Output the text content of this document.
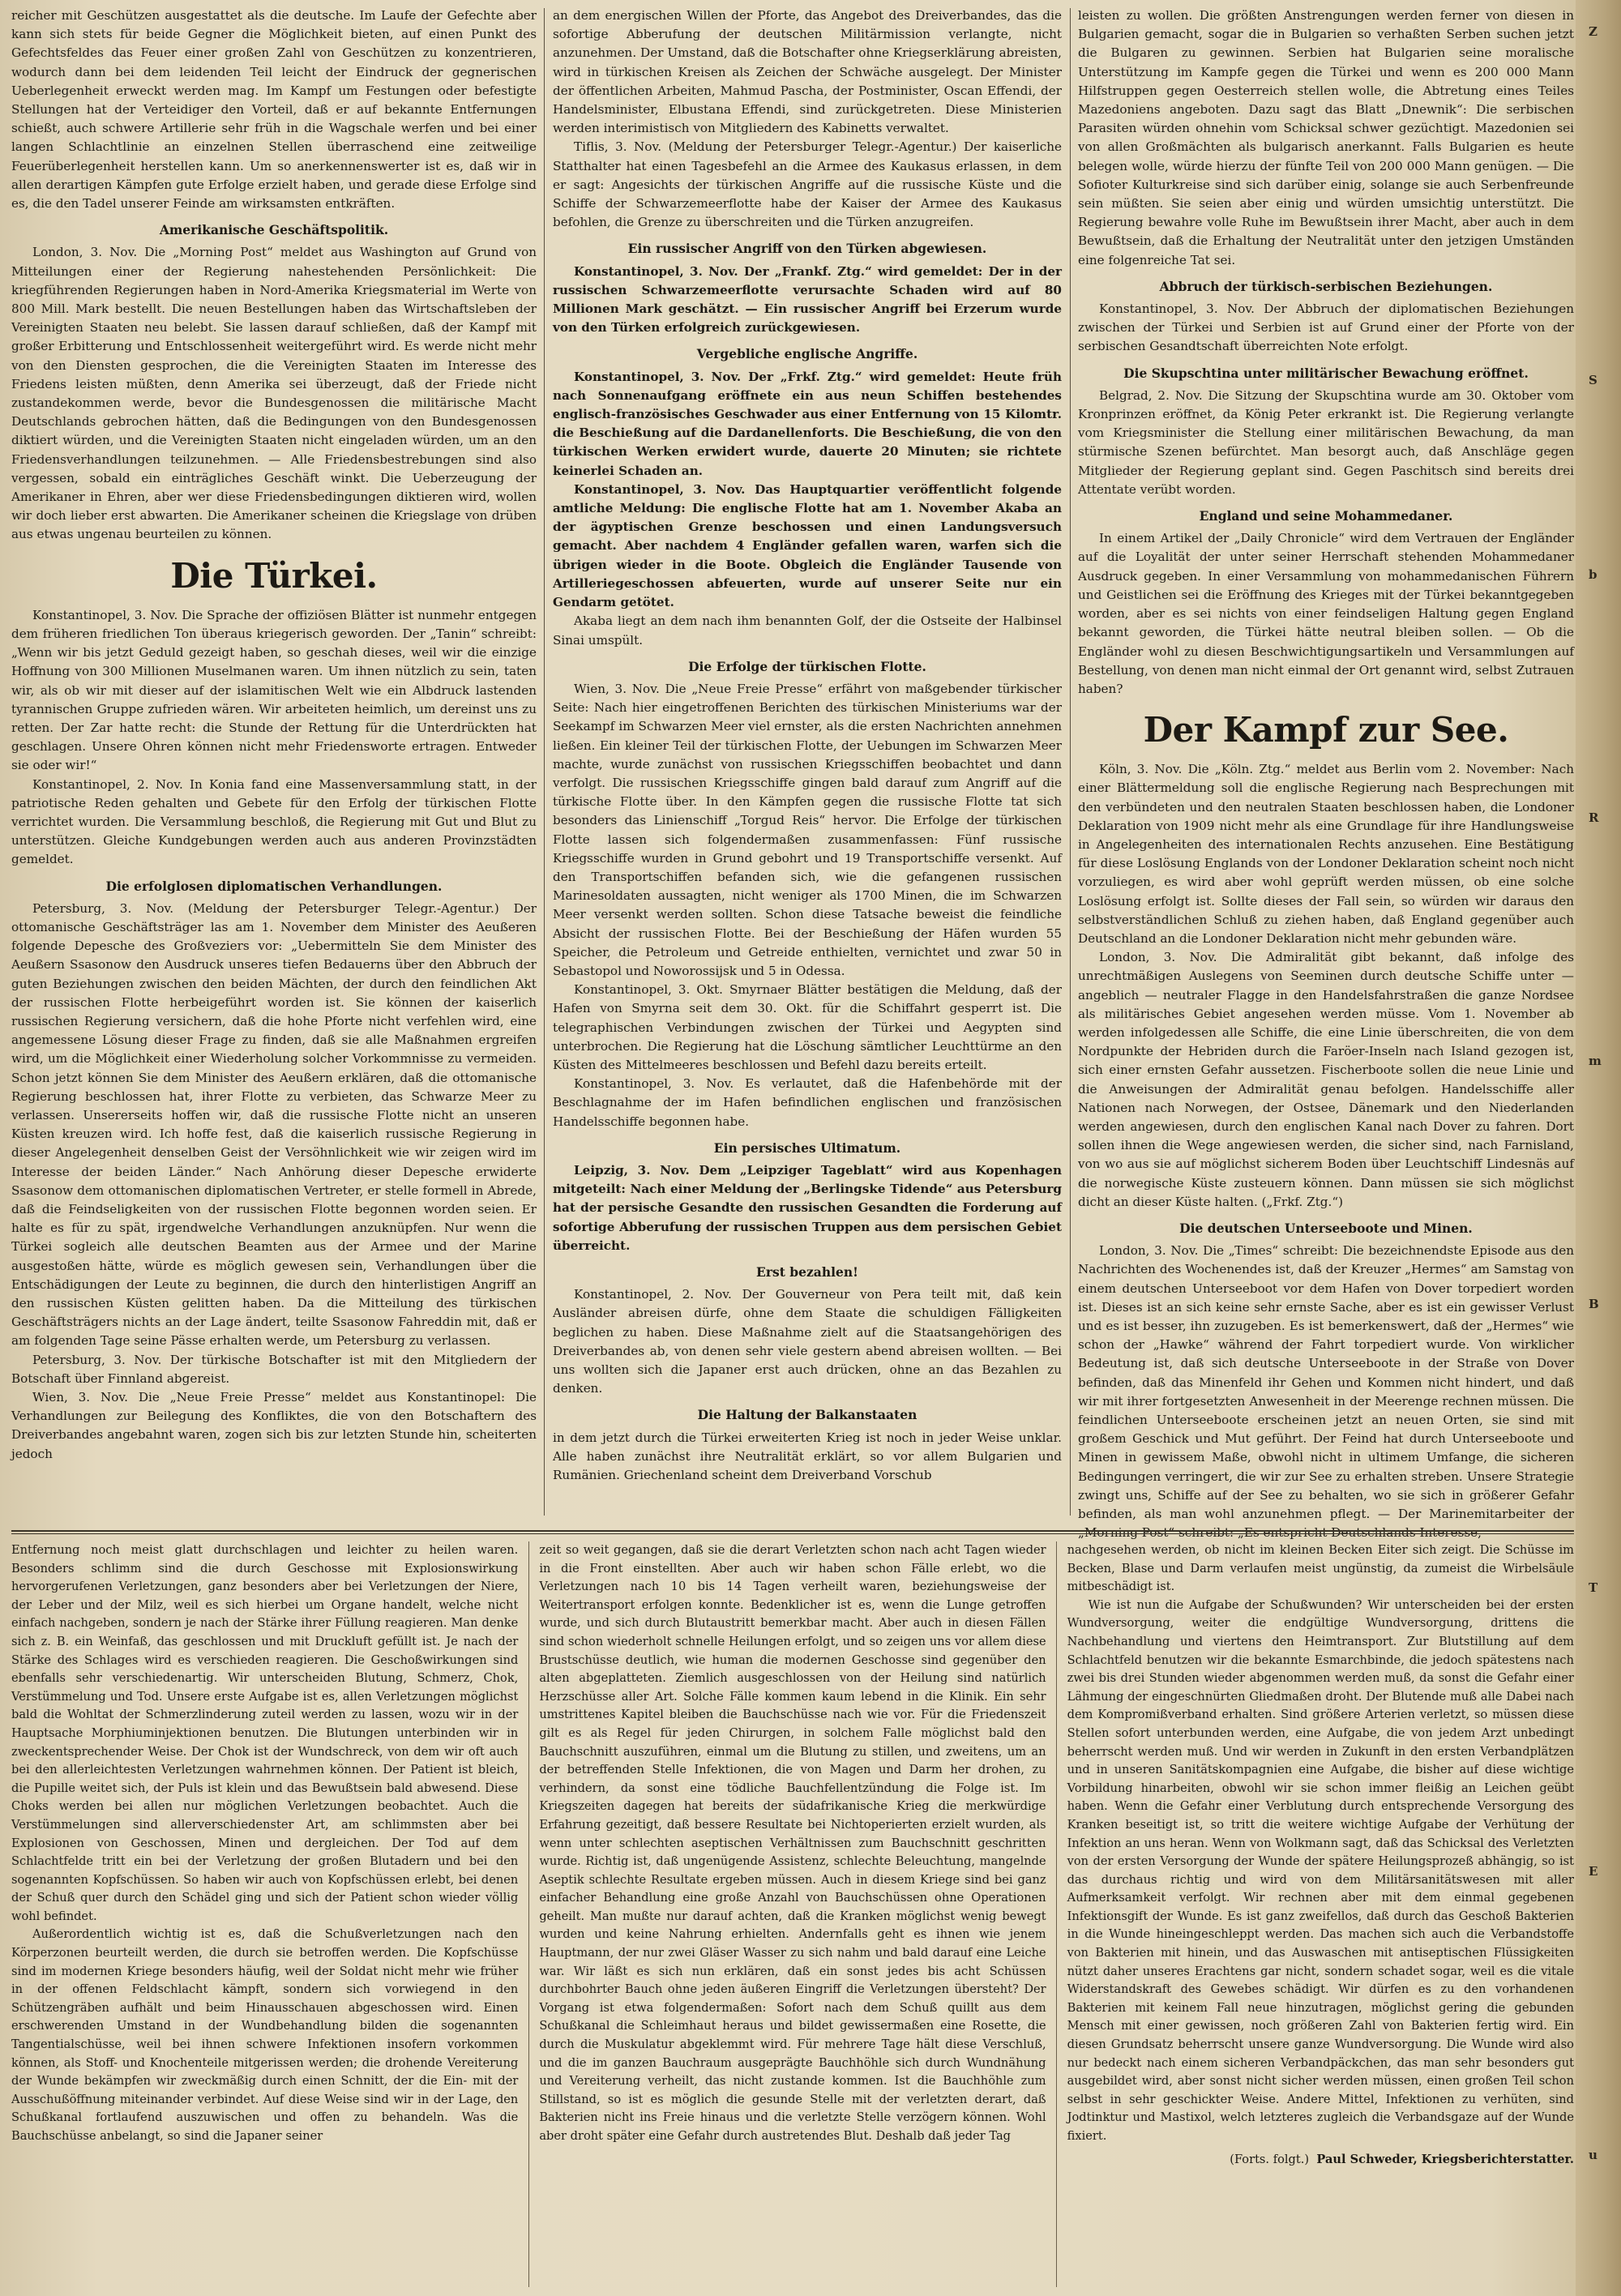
reicher mit Geschützen ausgestattet als die deutsche. Im Laufe der Gefechte aber kann sich stets für beide Gegner die Möglichkeit bieten, auf einen Punkt des Gefechtsfeldes das Feuer einer großen Zahl von Geschützen zu konzentrieren, wodurch dann bei dem leidenden Teil leicht der Eindruck der gegnerischen Ueberlegenheit erweckt werden mag. Im Kampf um Festungen oder befestigte Stellungen hat der Verteidiger den Vorteil, daß er auf bekannte Entfernungen schießt, auch schwere Artillerie sehr früh in die Wagschale werfen und bei einer langen Schlachtlinie an einzelnen Stellen überraschend eine zeitweilige Feuerüberlegenheit herstellen kann. Um so anerkennenswerter ist es, daß wir in allen derartigen Kämpfen gute Erfolge erzielt haben, und gerade diese Erfolge sind es, die den Tadel unserer Feinde am wirksamsten entkräften.

Amerikanische Geschäftspolitik.

London, 3. Nov. Die „Morning Post“ meldet aus Washington auf Grund von Mitteilungen einer der Regierung nahestehenden Persönlichkeit: Die kriegführenden Regierungen haben in Nord-Amerika Kriegsmaterial im Werte von 800 Mill. Mark bestellt. Die neuen Bestellungen haben das Wirtschaftsleben der Vereinigten Staaten neu belebt. Sie lassen darauf schließen, daß der Kampf mit großer Erbitterung und Entschlossenheit weitergeführt wird. Es werde nicht mehr von den Diensten gesprochen, die die Vereinigten Staaten im Interesse des Friedens leisten müßten, denn Amerika sei überzeugt, daß der Friede nicht zustandekommen werde, bevor die Bundesgenossen die militärische Macht Deutschlands gebrochen hätten, daß die Bedingungen von den Bundesgenossen diktiert würden, und die Vereinigten Staaten nicht eingeladen würden, um an den Friedensverhandlungen teilzunehmen. — Alle Friedensbestrebungen sind also vergessen, sobald ein einträgliches Geschäft winkt. Die Ueberzeugung der Amerikaner in Ehren, aber wer diese Friedensbedingungen diktieren wird, wollen wir doch lieber erst abwarten. Die Amerikaner scheinen die Kriegslage von drüben aus etwas ungenau beurteilen zu können.

Die Türkei.

Konstantinopel, 3. Nov. Die Sprache der offiziösen Blätter ist nunmehr entgegen dem früheren friedlichen Ton überaus kriegerisch geworden. Der „Tanin“ schreibt: „Wenn wir bis jetzt Geduld gezeigt haben, so geschah dieses, weil wir die einzige Hoffnung von 300 Millionen Muselmanen waren. Um ihnen nützlich zu sein, taten wir, als ob wir mit dieser auf der islamitischen Welt wie ein Albdruck lastenden tyrannischen Gruppe zufrieden wären. Wir arbeiteten heimlich, um dereinst uns zu retten. Der Zar hatte recht: die Stunde der Rettung für die Unterdrückten hat geschlagen. Unsere Ohren können nicht mehr Friedensworte ertragen. Entweder sie oder wir!“

Konstantinopel, 2. Nov. In Konia fand eine Massenversammlung statt, in der patriotische Reden gehalten und Gebete für den Erfolg der türkischen Flotte verrichtet wurden. Die Versammlung beschloß, die Regierung mit Gut und Blut zu unterstützen. Gleiche Kundgebungen werden auch aus anderen Provinzstädten gemeldet.

Die erfolglosen diplomatischen Verhandlungen.

Petersburg, 3. Nov. (Meldung der Petersburger Telegr.-Agentur.) Der ottomanische Geschäftsträger las am 1. November dem Minister des Aeußeren folgende Depesche des Großveziers vor: „Uebermitteln Sie dem Minister des Aeußern Ssasonow den Ausdruck unseres tiefen Bedauerns über den Abbruch der guten Beziehungen zwischen den beiden Mächten, der durch den feindlichen Akt der russischen Flotte herbeigeführt worden ist. Sie können der kaiserlich russischen Regierung versichern, daß die hohe Pforte nicht verfehlen wird, eine angemessene Lösung dieser Frage zu finden, daß sie alle Maßnahmen ergreifen wird, um die Möglichkeit einer Wiederholung solcher Vorkommnisse zu vermeiden. Schon jetzt können Sie dem Minister des Aeußern erklären, daß die ottomanische Regierung beschlossen hat, ihrer Flotte zu verbieten, das Schwarze Meer zu verlassen. Unsererseits hoffen wir, daß die russische Flotte nicht an unseren Küsten kreuzen wird. Ich hoffe fest, daß die kaiserlich russische Regierung in dieser Angelegenheit denselben Geist der Versöhnlichkeit wie wir zeigen wird im Interesse der beiden Länder.“ Nach Anhörung dieser Depesche erwiderte Ssasonow dem ottomanischen diplomatischen Vertreter, er stelle formell in Abrede, daß die Feindseligkeiten von der russischen Flotte begonnen worden seien. Er halte es für zu spät, irgendwelche Verhandlungen anzuknüpfen. Nur wenn die Türkei sogleich alle deutschen Beamten aus der Armee und der Marine ausgestoßen hätte, würde es möglich gewesen sein, Verhandlungen über die Entschädigungen der Leute zu beginnen, die durch den hinterlistigen Angriff an den russischen Küsten gelitten haben. Da die Mitteilung des türkischen Geschäftsträgers nichts an der Lage ändert, teilte Ssasonow Fahreddin mit, daß er am folgenden Tage seine Pässe erhalten werde, um Petersburg zu verlassen.

Petersburg, 3. Nov. Der türkische Botschafter ist mit den Mitgliedern der Botschaft über Finnland abgereist.

Wien, 3. Nov. Die „Neue Freie Presse“ meldet aus Konstantinopel: Die Verhandlungen zur Beilegung des Konfliktes, die von den Botschaftern des Dreiverbandes angebahnt waren, zogen sich bis zur letzten Stunde hin, scheiterten jedoch

an dem energischen Willen der Pforte, das Angebot des Dreiverbandes, das die sofortige Abberufung der deutschen Militärmission verlangte, nicht anzunehmen. Der Umstand, daß die Botschafter ohne Kriegserklärung abreisten, wird in türkischen Kreisen als Zeichen der Schwäche ausgelegt. Der Minister der öffentlichen Arbeiten, Mahmud Pascha, der Postminister, Oscan Effendi, der Handelsminister, Elbustana Effendi, sind zurückgetreten. Diese Ministerien werden interimistisch von Mitgliedern des Kabinetts verwaltet.

Tiflis, 3. Nov. (Meldung der Petersburger Telegr.-Agentur.) Der kaiserliche Statthalter hat einen Tagesbefehl an die Armee des Kaukasus erlassen, in dem er sagt: Angesichts der türkischen Angriffe auf die russische Küste und die Schiffe der Schwarzemeerflotte habe der Kaiser der Armee des Kaukasus befohlen, die Grenze zu überschreiten und die Türken anzugreifen.

Ein russischer Angriff von den Türken abgewiesen.

Konstantinopel, 3. Nov. Der „Frankf. Ztg.“ wird gemeldet: Der in der russischen Schwarzemeerflotte verursachte Schaden wird auf 80 Millionen Mark geschätzt. — Ein russischer Angriff bei Erzerum wurde von den Türken erfolgreich zurückgewiesen.

Vergebliche englische Angriffe.

Konstantinopel, 3. Nov. Der „Frkf. Ztg.“ wird gemeldet: Heute früh nach Sonnenaufgang eröffnete ein aus neun Schiffen bestehendes englisch-französisches Geschwader aus einer Entfernung von 15 Kilomtr. die Beschießung auf die Dardanellenforts. Die Beschießung, die von den türkischen Werken erwidert wurde, dauerte 20 Minuten; sie richtete keinerlei Schaden an.

Konstantinopel, 3. Nov. Das Hauptquartier veröffentlicht folgende amtliche Meldung: Die englische Flotte hat am 1. November Akaba an der ägyptischen Grenze beschossen und einen Landungsversuch gemacht. Aber nachdem 4 Engländer gefallen waren, warfen sich die übrigen wieder in die Boote. Obgleich die Engländer Tausende von Artilleriegeschossen abfeuerten, wurde auf unserer Seite nur ein Gendarm getötet.

Akaba liegt an dem nach ihm benannten Golf, der die Ostseite der Halbinsel Sinai umspült.

Die Erfolge der türkischen Flotte.

Wien, 3. Nov. Die „Neue Freie Presse“ erfährt von maßgebender türkischer Seite: Nach hier eingetroffenen Berichten des türkischen Ministeriums war der Seekampf im Schwarzen Meer viel ernster, als die ersten Nachrichten annehmen ließen. Ein kleiner Teil der türkischen Flotte, der Uebungen im Schwarzen Meer machte, wurde zunächst von russischen Kriegsschiffen beobachtet und dann verfolgt. Die russischen Kriegsschiffe gingen bald darauf zum Angriff auf die türkische Flotte über. In den Kämpfen gegen die russische Flotte tat sich besonders das Linienschiff „Torgud Reis“ hervor. Die Erfolge der türkischen Flotte lassen sich folgendermaßen zusammenfassen: Fünf russische Kriegsschiffe wurden in Grund gebohrt und 19 Transportschiffe versenkt. Auf den Transportschiffen befanden sich, wie die gefangenen russischen Marinesoldaten aussagten, nicht weniger als 1700 Minen, die im Schwarzen Meer versenkt werden sollten. Schon diese Tatsache beweist die feindliche Absicht der russischen Flotte. Bei der Beschießung der Häfen wurden 55 Speicher, die Petroleum und Getreide enthielten, vernichtet und zwar 50 in Sebastopol und Noworossijsk und 5 in Odessa.

Konstantinopel, 3. Okt. Smyrnaer Blätter bestätigen die Meldung, daß der Hafen von Smyrna seit dem 30. Okt. für die Schiffahrt gesperrt ist. Die telegraphischen Verbindungen zwischen der Türkei und Aegypten sind unterbrochen. Die Regierung hat die Löschung sämtlicher Leuchttürme an den Küsten des Mittelmeeres beschlossen und Befehl dazu bereits erteilt.

Konstantinopel, 3. Nov. Es verlautet, daß die Hafenbehörde mit der Beschlagnahme der im Hafen befindlichen englischen und französischen Handelsschiffe begonnen habe.

Ein persisches Ultimatum.

Leipzig, 3. Nov. Dem „Leipziger Tageblatt“ wird aus Kopenhagen mitgeteilt: Nach einer Meldung der „Berlingske Tidende“ aus Petersburg hat der persische Gesandte den russischen Gesandten die Forderung auf sofortige Abberufung der russischen Truppen aus dem persischen Gebiet überreicht.

Erst bezahlen!

Konstantinopel, 2. Nov. Der Gouverneur von Pera teilt mit, daß kein Ausländer abreisen dürfe, ohne dem Staate die schuldigen Fälligkeiten beglichen zu haben. Diese Maßnahme zielt auf die Staatsangehörigen des Dreiverbandes ab, von denen sehr viele gestern abend abreisen wollten. — Bei uns wollten sich die Japaner erst auch drücken, ohne an das Bezahlen zu denken.

Die Haltung der Balkanstaaten

in dem jetzt durch die Türkei erweiterten Krieg ist noch in jeder Weise unklar. Alle haben zunächst ihre Neutralität erklärt, so vor allem Bulgarien und Rumänien. Griechenland scheint dem Dreiverband Vorschub

leisten zu wollen. Die größten Anstrengungen werden ferner von diesen in Bulgarien gemacht, sogar die in Bulgarien so verhaßten Serben suchen jetzt die Bulgaren zu gewinnen. Serbien hat Bulgarien seine moralische Unterstützung im Kampfe gegen die Türkei und wenn es 200 000 Mann Hilfstruppen gegen Oesterreich stellen wolle, die Abtretung eines Teiles Mazedoniens angeboten. Dazu sagt das Blatt „Dnewnik“: Die serbischen Parasiten würden ohnehin vom Schicksal schwer gezüchtigt. Mazedonien sei von allen Großmächten als bulgarisch anerkannt. Falls Bulgarien es heute belegen wolle, würde hierzu der fünfte Teil von 200 000 Mann genügen. — Die Sofioter Kulturkreise sind sich darüber einig, solange sie auch Serbenfreunde sein müßten. Sie seien aber einig und würden umsichtig unterstützt. Die Regierung bewahre volle Ruhe im Bewußtsein ihrer Macht, aber auch in dem Bewußtsein, daß die Erhaltung der Neutralität unter den jetzigen Umständen eine folgenreiche Tat sei.

Abbruch der türkisch-serbischen Beziehungen.

Konstantinopel, 3. Nov. Der Abbruch der diplomatischen Beziehungen zwischen der Türkei und Serbien ist auf Grund einer der Pforte von der serbischen Gesandtschaft überreichten Note erfolgt.

Die Skupschtina unter militärischer Bewachung eröffnet.

Belgrad, 2. Nov. Die Sitzung der Skupschtina wurde am 30. Oktober vom Kronprinzen eröffnet, da König Peter erkrankt ist. Die Regierung verlangte vom Kriegsminister die Stellung einer militärischen Bewachung, da man stürmische Szenen befürchtet. Man besorgt auch, daß Anschläge gegen Mitglieder der Regierung geplant sind. Gegen Paschitsch sind bereits drei Attentate verübt worden.

England und seine Mohammedaner.

In einem Artikel der „Daily Chronicle“ wird dem Vertrauen der Engländer auf die Loyalität der unter seiner Herrschaft stehenden Mohammedaner Ausdruck gegeben. In einer Versammlung von mohammedanischen Führern und Geistlichen sei die Eröffnung des Krieges mit der Türkei bekanntgegeben worden, aber es sei nichts von einer feindseligen Haltung gegen England bekannt geworden, die Türkei hätte neutral bleiben sollen. — Ob die Engländer wohl zu diesen Beschwichtigungsartikeln und Versammlungen auf Bestellung, von denen man nicht einmal der Ort genannt wird, selbst Zutrauen haben?

Der Kampf zur See.

Köln, 3. Nov. Die „Köln. Ztg.“ meldet aus Berlin vom 2. November: Nach einer Blättermeldung soll die englische Regierung nach Besprechungen mit den verbündeten und den neutralen Staaten beschlossen haben, die Londoner Deklaration von 1909 nicht mehr als eine Grundlage für ihre Handlungsweise in Angelegenheiten des internationalen Rechts anzusehen. Eine Bestätigung für diese Loslösung Englands von der Londoner Deklaration scheint noch nicht vorzuliegen, es wird aber wohl geprüft werden müssen, ob eine solche Loslösung erfolgt ist. Sollte dieses der Fall sein, so würden wir daraus den selbstverständlichen Schluß zu ziehen haben, daß England gegenüber auch Deutschland an die Londoner Deklaration nicht mehr gebunden wäre.

London, 3. Nov. Die Admiralität gibt bekannt, daß infolge des unrechtmäßigen Auslegens von Seeminen durch deutsche Schiffe unter — angeblich — neutraler Flagge in den Handelsfahrstraßen die ganze Nordsee als militärisches Gebiet angesehen werden müsse. Vom 1. November ab werden infolgedessen alle Schiffe, die eine Linie überschreiten, die von dem Nordpunkte der Hebriden durch die Faröer-Inseln nach Island gezogen ist, sich einer ernsten Gefahr aussetzen. Fischerboote sollen die neue Linie und die Anweisungen der Admiralität genau befolgen. Handelsschiffe aller Nationen nach Norwegen, der Ostsee, Dänemark und den Niederlanden werden angewiesen, durch den englischen Kanal nach Dover zu fahren. Dort sollen ihnen die Wege angewiesen werden, die sicher sind, nach Farnisland, von wo aus sie auf möglichst sicherem Boden über Leuchtschiff Lindesnäs auf die norwegische Küste zusteuern können. Dann müssen sie sich möglichst dicht an dieser Küste halten. („Frkf. Ztg.“)

Die deutschen Unterseeboote und Minen.

London, 3. Nov. Die „Times“ schreibt: Die bezeichnendste Episode aus den Nachrichten des Wochenendes ist, daß der Kreuzer „Hermes“ am Samstag von einem deutschen Unterseeboot vor dem Hafen von Dover torpediert worden ist. Dieses ist an sich keine sehr ernste Sache, aber es ist ein gewisser Verlust und es ist besser, ihn zuzugeben. Es ist bemerkenswert, daß der „Hermes“ wie schon der „Hawke“ während der Fahrt torpediert wurde. Von wirklicher Bedeutung ist, daß sich deutsche Unterseeboote in der Straße von Dover befinden, daß das Minenfeld ihr Gehen und Kommen nicht hindert, und daß wir mit ihrer fortgesetzten Anwesenheit in der Meerenge rechnen müssen. Die feindlichen Unterseeboote erscheinen jetzt an neuen Orten, sie sind mit großem Geschick und Mut geführt. Der Feind hat durch Unterseeboote und Minen in gewissem Maße, obwohl nicht in ultimem Umfange, die sicheren Bedingungen verringert, die wir zur See zu erhalten streben. Unsere Strategie zwingt uns, Schiffe auf der See zu behalten, wo sie sich in größerer Gefahr befinden, als man wohl anzunehmen pflegt. — Der Marinemitarbeiter der

Entfernung noch meist glatt durchschlagen und leichter zu heilen waren. Besonders schlimm sind die durch Geschosse mit Explosionswirkung hervorgerufenen Verletzungen, ganz besonders aber bei Verletzungen der Niere, der Leber und der Milz, weil es sich hierbei um Organe handelt, welche nicht einfach nachgeben, sondern je nach der Stärke ihrer Füllung reagieren. Man denke sich z. B. ein Weinfaß, das geschlossen und mit Druckluft gefüllt ist. Je nach der Stärke des Schlages wird es verschieden reagieren. Die Geschoßwirkungen sind ebenfalls sehr verschiedenartig. Wir unterscheiden Blutung, Schmerz, Chok, Verstümmelung und Tod. Unsere erste Aufgabe ist es, allen Verletzungen möglichst bald die Wohltat der Schmerzlinderung zuteil werden zu lassen, wozu wir in der Hauptsache Morphiuminjektionen benutzen. Die Blutungen unterbinden wir in zweckentsprechender Weise. Der Chok ist der Wundschreck, von dem wir oft auch bei den allerleichtesten Verletzungen wahrnehmen können. Der Patient ist bleich, die Pupille weitet sich, der Puls ist klein und das Bewußtsein bald abwesend. Diese Choks werden bei allen nur möglichen Verletzungen beobachtet. Auch die Verstümmelungen sind allerverschiedenster Art, am schlimmsten aber bei Explosionen von Geschossen, Minen und dergleichen. Der Tod auf dem Schlachtfelde tritt ein bei der Verletzung der großen Blutadern und bei den sogenannten Kopfschüssen. So haben wir auch von Kopfschüssen erlebt, bei denen der Schuß quer durch den Schädel ging und sich der Patient schon wieder völlig wohl befindet.

Außerordentlich wichtig ist es, daß die Schußverletzungen nach den Körperzonen beurteilt werden, die durch sie betroffen werden. Die Kopfschüsse sind im modernen Kriege besonders häufig, weil der Soldat nicht mehr wie früher in der offenen Feldschlacht kämpft, sondern sich vorwiegend in den Schützengräben aufhält und beim Hinausschauen abgeschossen wird. Einen erschwerenden Umstand in der Wundbehandlung bilden die sogenannten Tangentialschüsse, weil bei ihnen schwere Infektionen insofern vorkommen können, als Stoff- und Knochenteile mitgerissen werden; die drohende Vereiterung der Wunde bekämpfen wir zweckmäßig durch einen Schnitt, der die Ein- mit der Ausschußöffnung miteinander verbindet. Auf diese Weise sind wir in der Lage, den Schußkanal fortlaufend auszuwischen und offen zu behandeln. Was die Bauchschüsse anbelangt, so sind die Japaner seiner

zeit so weit gegangen, daß sie die derart Verletzten schon nach acht Tagen wieder in die Front einstellten. Aber auch wir haben schon Fälle erlebt, wo die Verletzungen nach 10 bis 14 Tagen verheilt waren, beziehungsweise der Weitertransport erfolgen konnte. Bedenklicher ist es, wenn die Lunge getroffen wurde, und sich durch Blutaustritt bemerkbar macht. Aber auch in diesen Fällen sind schon wiederholt schnelle Heilungen erfolgt, und so zeigen uns vor allem diese Brustschüsse deutlich, wie human die modernen Geschosse sind gegenüber den alten abgeplatteten. Ziemlich ausgeschlossen von der Heilung sind natürlich Herzschüsse aller Art. Solche Fälle kommen kaum lebend in die Klinik. Ein sehr umstrittenes Kapitel bleiben die Bauchschüsse nach wie vor. Für die Friedenszeit gilt es als Regel für jeden Chirurgen, in solchem Falle möglichst bald den Bauchschnitt auszuführen, einmal um die Blutung zu stillen, und zweitens, um an der betreffenden Stelle Infektionen, die von Magen und Darm her drohen, zu verhindern, da sonst eine tödliche Bauchfellentzündung die Folge ist. Im Kriegszeiten dagegen hat bereits der südafrikanische Krieg die merkwürdige Erfahrung gezeitigt, daß bessere Resultate bei Nichtoperierten erzielt wurden, als wenn unter schlechten aseptischen Verhältnissen zum Bauchschnitt geschritten wurde. Richtig ist, daß ungenügende Assistenz, schlechte Beleuchtung, mangelnde Aseptik schlechte Resultate ergeben müssen. Auch in diesem Kriege sind bei ganz einfacher Behandlung eine große Anzahl von Bauchschüssen ohne Operationen geheilt. Man mußte nur darauf achten, daß die Kranken möglichst wenig bewegt wurden und keine Nahrung erhielten. Andernfalls geht es ihnen wie jenem Hauptmann, der nur zwei Gläser Wasser zu sich nahm und bald darauf eine Leiche war. Wir läßt es sich nun erklären, daß ein sonst jedes bis acht Schüssen durchbohrter Bauch ohne jeden äußeren Eingriff die Verletzungen übersteht? Der Vorgang ist etwa folgendermaßen: Sofort nach dem Schuß quillt aus dem Schußkanal die Schleimhaut heraus und bildet gewissermaßen eine Rosette, die durch die Muskulatur abgeklemmt wird. Für mehrere Tage hält diese Verschluß, und die im ganzen Bauchraum ausgeprägte Bauchhöhle sich durch Wundnähung und Vereiterung verheilt, das nicht zustande kommen. Ist die Bauchhöhle zum Stillstand, so ist es möglich die gesunde Stelle mit der verletzten derart, daß Bakterien nicht ins Freie hinaus und die verletzte Stelle verzögern können. Wohl aber droht später eine Gefahr durch austretendes Blut. Deshalb daß jeder Tag

nachgesehen werden, ob nicht im kleinen Becken Eiter sich zeigt. Die Schüsse im Becken, Blase und Darm verlaufen meist ungünstig, da zumeist die Wirbelsäule mitbeschädigt ist.

Wie ist nun die Aufgabe der Schußwunden? Wir unterscheiden bei der ersten Wundversorgung, weiter die endgültige Wundversorgung, drittens die Nachbehandlung und viertens den Heimtransport. Zur Blutstillung auf dem Schlachtfeld benutzen wir die bekannte Esmarchbinde, die jedoch spätestens nach zwei bis drei Stunden wieder abgenommen werden muß, da sonst die Gefahr einer Lähmung der eingeschnürten Gliedmaßen droht. Der Blutende muß alle Dabei nach dem Kompromißverband erhalten. Sind größere Arterien verletzt, so müssen diese Stellen sofort unterbunden werden, eine Aufgabe, die von jedem Arzt unbedingt beherrscht werden muß. Und wir werden in Zukunft in den ersten Verbandplätzen und in unseren Sanitätskompagnien eine Aufgabe, die bisher auf diese wichtige Vorbildung hinarbeiten, obwohl wir sie schon immer fleißig an Leichen geübt haben. Wenn die Gefahr einer Verblutung durch entsprechende Versorgung des Kranken beseitigt ist, so tritt die weitere wichtige Aufgabe der Verhütung der Infektion an uns heran. Wenn von Wolkmann sagt, daß das Schicksal des Verletzten von der ersten Versorgung der Wunde der spätere Heilungsprozeß abhängig, so ist das durchaus richtig und wird von dem Militärsanitätswesen mit aller Aufmerksamkeit verfolgt. Wir rechnen aber mit dem einmal gegebenen Infektionsgift der Wunde. Es ist ganz zweifellos, daß durch das Geschoß Bakterien in die Wunde hineingeschleppt werden. Das machen sich auch die Verbandstoffe von Bakterien mit hinein, und das Auswaschen mit antiseptischen Flüssigkeiten nützt daher unseres Erachtens gar nicht, sondern schadet sogar, weil es die vitale Widerstandskraft des Gewebes schädigt. Wir dürfen es zu den vorhandenen Bakterien mit keinem Fall neue hinzutragen, möglichst gering die gebunden Mensch mit einer gewissen, noch größeren Zahl von Bakterien fertig wird. Ein diesen Grundsatz beherrscht unsere ganze Wundversorgung. Die Wunde wird also nur bedeckt nach einem sicheren Verbandpäckchen, das man sehr besonders gut ausgebildet wird, aber sonst nicht sicher werden müssen, einen großen Teil schon selbst in sehr geschickter Weise. Andere Mittel, Infektionen zu verhüten, sind Jodtinktur und Mastixol, welch letzteres zugleich die Verbandsgaze auf der Wunde fixiert.

(Forts. folgt.) Paul Schweder, Kriegsberichterstatter.

Z
S
b
R
m
B
T
E
u
